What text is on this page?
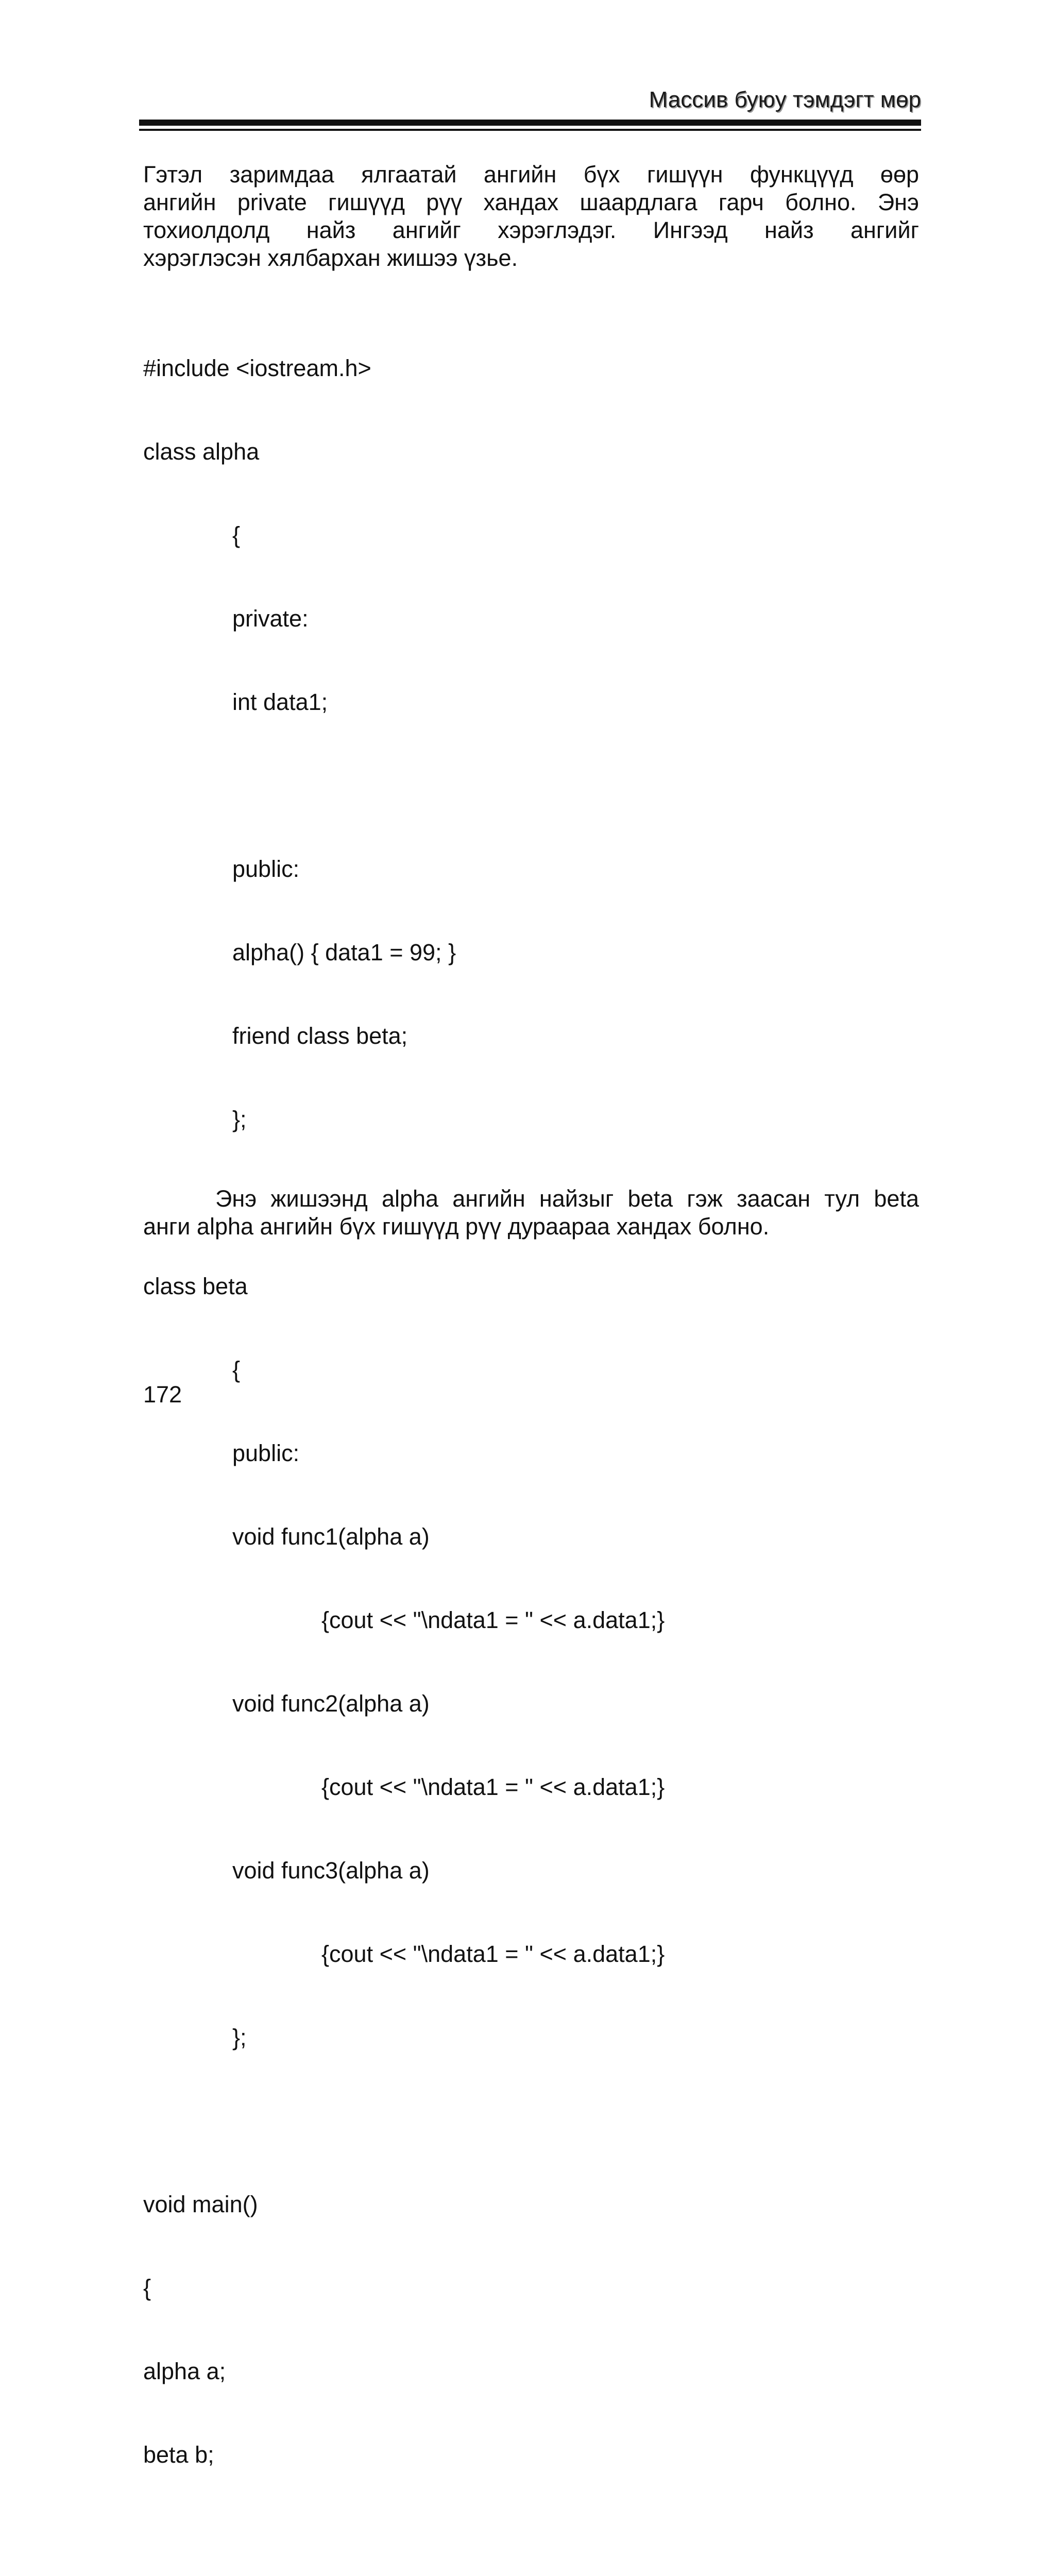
Массив буюу тэмдэгт мөр
Гэтэл заримдаа ялгаатай ангийн бүх гишүүн функцүүд өөр
ангийн private гишүүд рүү хандах шаардлага гарч болно. Энэ
тохиолдолд найз ангийг хэрэглэдэг. Ингээд найз ангийг
хэрэглэсэн хялбархан жишээ үзье.

#include <iostream.h>

class alpha

{

private:

int data1;

public:

alpha() { data1 = 99; }

friend class beta;

};

class beta

{

public:

void func1(alpha a)

{cout << "\ndata1 = " << a.data1;}

void func2(alpha a)

{cout << "\ndata1 = " << a.data1;}

void func3(alpha a)

{cout << "\ndata1 = " << a.data1;}

};

void main()

{

alpha a;

beta b;

Энэ жишээнд alpha ангийн найзыг beta гэж заасан тул beta
анги alpha ангийн бүх гишүүд рүү дураараа хандах болно.
172
